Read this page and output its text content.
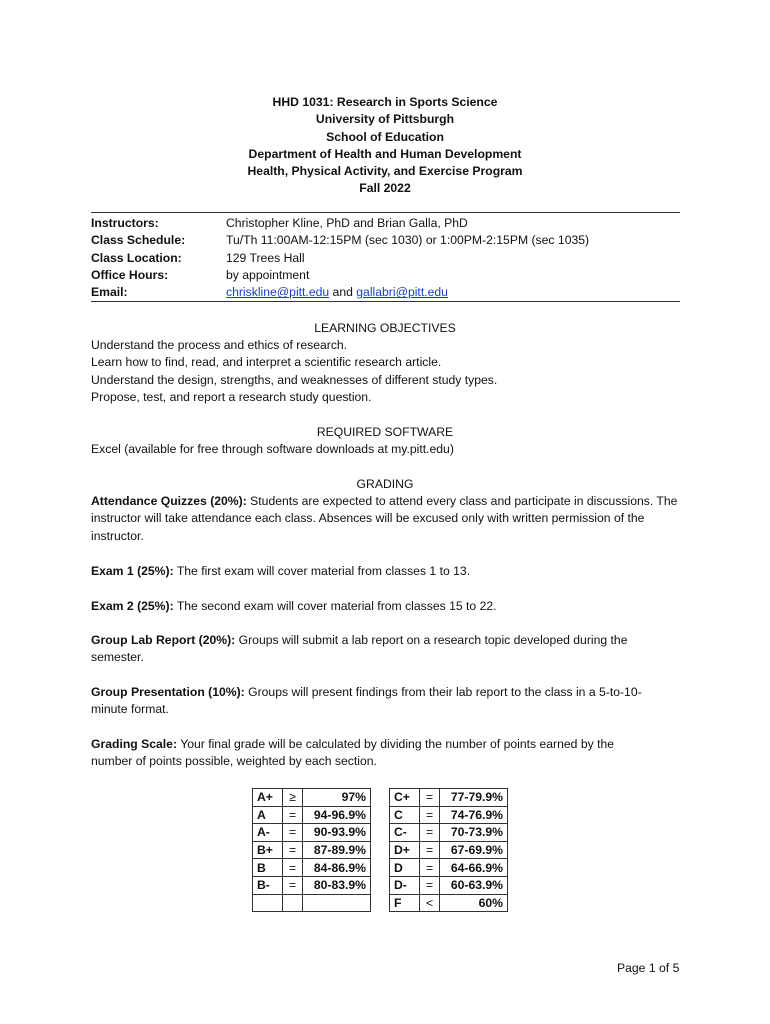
HHD 1031: Research in Sports Science
University of Pittsburgh
School of Education
Department of Health and Human Development
Health, Physical Activity, and Exercise Program
Fall 2022
Instructors:	Christopher Kline, PhD and Brian Galla, PhD
Class Schedule:	Tu/Th 11:00AM-12:15PM (sec 1030) or 1:00PM-2:15PM (sec 1035)
Class Location:	129 Trees Hall
Office Hours:	by appointment
Email:	chriskline@pitt.edu and gallabri@pitt.edu
LEARNING OBJECTIVES
Understand the process and ethics of research.
Learn how to find, read, and interpret a scientific research article.
Understand the design, strengths, and weaknesses of different study types.
Propose, test, and report a research study question.
REQUIRED SOFTWARE
Excel (available for free through software downloads at my.pitt.edu)
GRADING
Attendance Quizzes (20%): Students are expected to attend every class and participate in discussions. The instructor will take attendance each class. Absences will be excused only with written permission of the instructor.
Exam 1 (25%): The first exam will cover material from classes 1 to 13.
Exam 2 (25%): The second exam will cover material from classes 15 to 22.
Group Lab Report (20%): Groups will submit a lab report on a research topic developed during the semester.
Group Presentation (10%): Groups will present findings from their lab report to the class in a 5-to-10-minute format.
Grading Scale: Your final grade will be calculated by dividing the number of points earned by the number of points possible, weighted by each section.
A+	≥	97%
A	=	94-96.9%
A-	=	90-93.9%
B+	=	87-89.9%
B	=	84-86.9%
B-	=	80-83.9%

C+	=	77-79.9%
C	=	74-76.9%
C-	=	70-73.9%
D+	=	67-69.9%
D	=	64-66.9%
D-	=	60-63.9%
F	<	60%
Page 1 of 5
